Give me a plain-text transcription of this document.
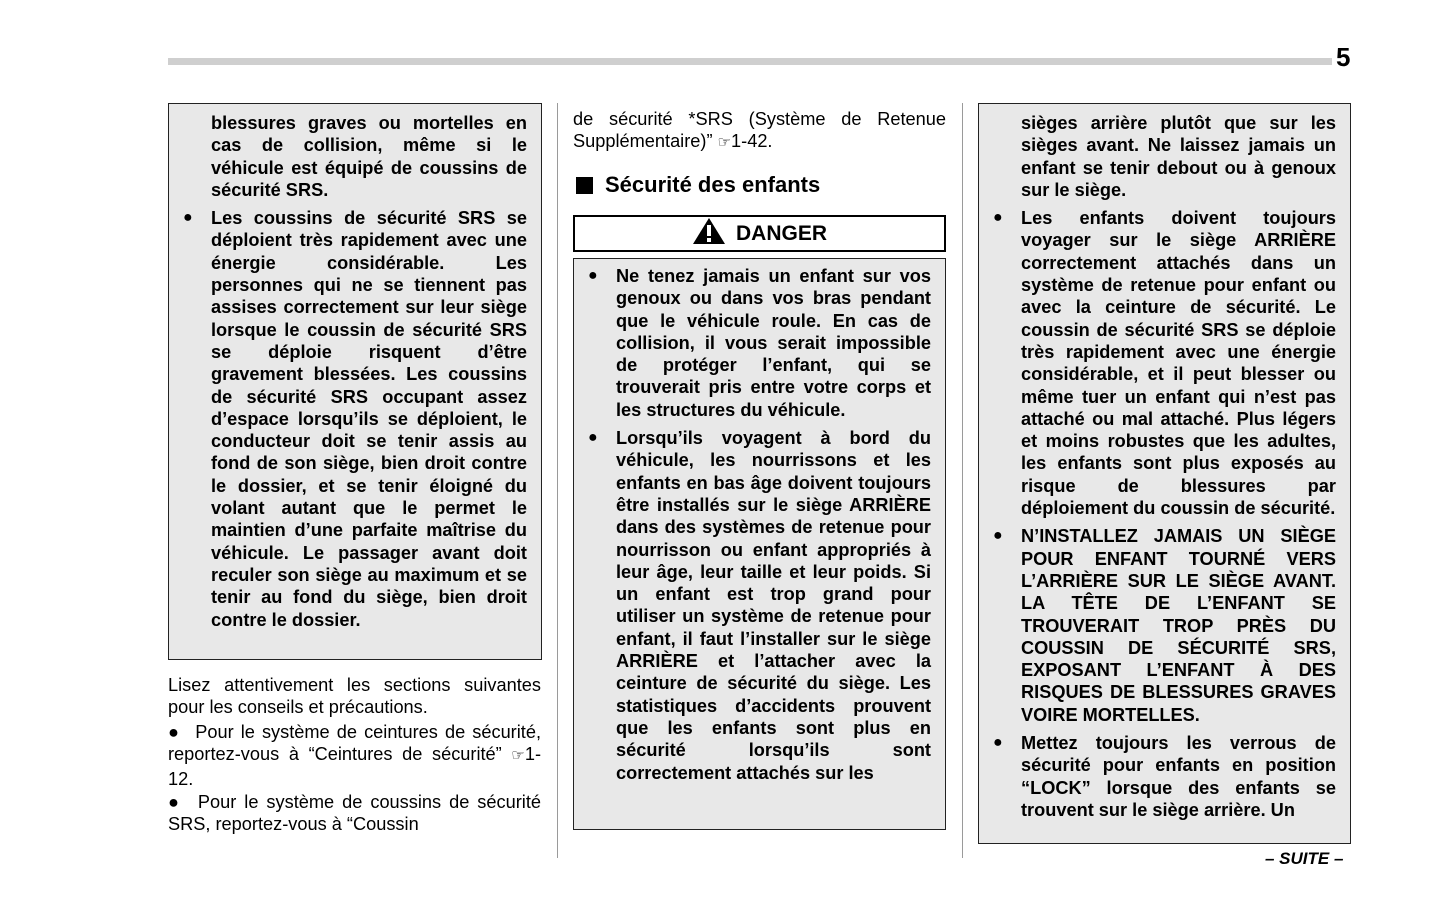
5

blessures graves ou mortelles en cas de collision, même si le véhicule est équipé de coussins de sécurité SRS.

● Les coussins de sécurité SRS se déploient très rapidement avec une énergie considérable. Les personnes qui ne se tiennent pas assises correctement sur leur siège lorsque le coussin de sécurité SRS se déploie risquent d’être gravement blessées. Les coussins de sécurité SRS occupant assez d’espace lorsqu’ils se déploient, le conducteur doit se tenir assis au fond de son siège, bien droit contre le dossier, et se tenir éloigné du volant autant que le permet le maintien d’une parfaite maîtrise du véhicule. Le passager avant doit reculer son siège au maximum et se tenir au fond du siège, bien droit contre le dossier.

Lisez attentivement les sections suivantes pour les conseils et précautions.

●  Pour le système de ceintures de sécurité, reportez-vous à “Ceintures de sécurité” ☞1-12.
●  Pour le système de coussins de sécurité SRS, reportez-vous à “Coussin
de sécurité *SRS (Système de Retenue Supplémentaire)” ☞1-42.
Sécurité des enfants
DANGER
● Ne tenez jamais un enfant sur vos genoux ou dans vos bras pendant que le véhicule roule. En cas de collision, il vous serait impossible de protéger l’enfant, qui se trouverait pris entre votre corps et les structures du véhicule.

● Lorsqu’ils voyagent à bord du véhicule, les nourrissons et les enfants en bas âge doivent toujours être installés sur le siège ARRIÈRE dans des systèmes de retenue pour nourrisson ou enfant appropriés à leur âge, leur taille et leur poids. Si un enfant est trop grand pour utiliser un système de retenue pour enfant, il faut l’installer sur le siège ARRIÈRE et l’attacher avec la ceinture de sécurité du siège. Les statistiques d’accidents prouvent que les enfants sont plus en sécurité lorsqu’ils sont correctement attachés sur les

sièges arrière plutôt que sur les sièges avant. Ne laissez jamais un enfant se tenir debout ou à genoux sur le siège.

● Les enfants doivent toujours voyager sur le siège ARRIÈRE correctement attachés dans un système de retenue pour enfant ou avec la ceinture de sécurité. Le coussin de sécurité SRS se déploie très rapidement avec une énergie considérable, et il peut blesser ou même tuer un enfant qui n’est pas attaché ou mal attaché. Plus légers et moins robustes que les adultes, les enfants sont plus exposés au risque de blessures par déploiement du coussin de sécurité.

● N’INSTALLEZ JAMAIS UN SIÈGE POUR ENFANT TOURNÉ VERS L’ARRIÈRE SUR LE SIÈGE AVANT. LA TÊTE DE L’ENFANT SE TROUVERAIT TROP PRÈS DU COUSSIN DE SÉCURITÉ SRS, EXPOSANT L’ENFANT À DES RISQUES DE BLESSURES GRAVES VOIRE MORTELLES.

● Mettez toujours les verrous de sécurité pour enfants en position “LOCK” lorsque des enfants se trouvent sur le siège arrière. Un

– SUITE –
